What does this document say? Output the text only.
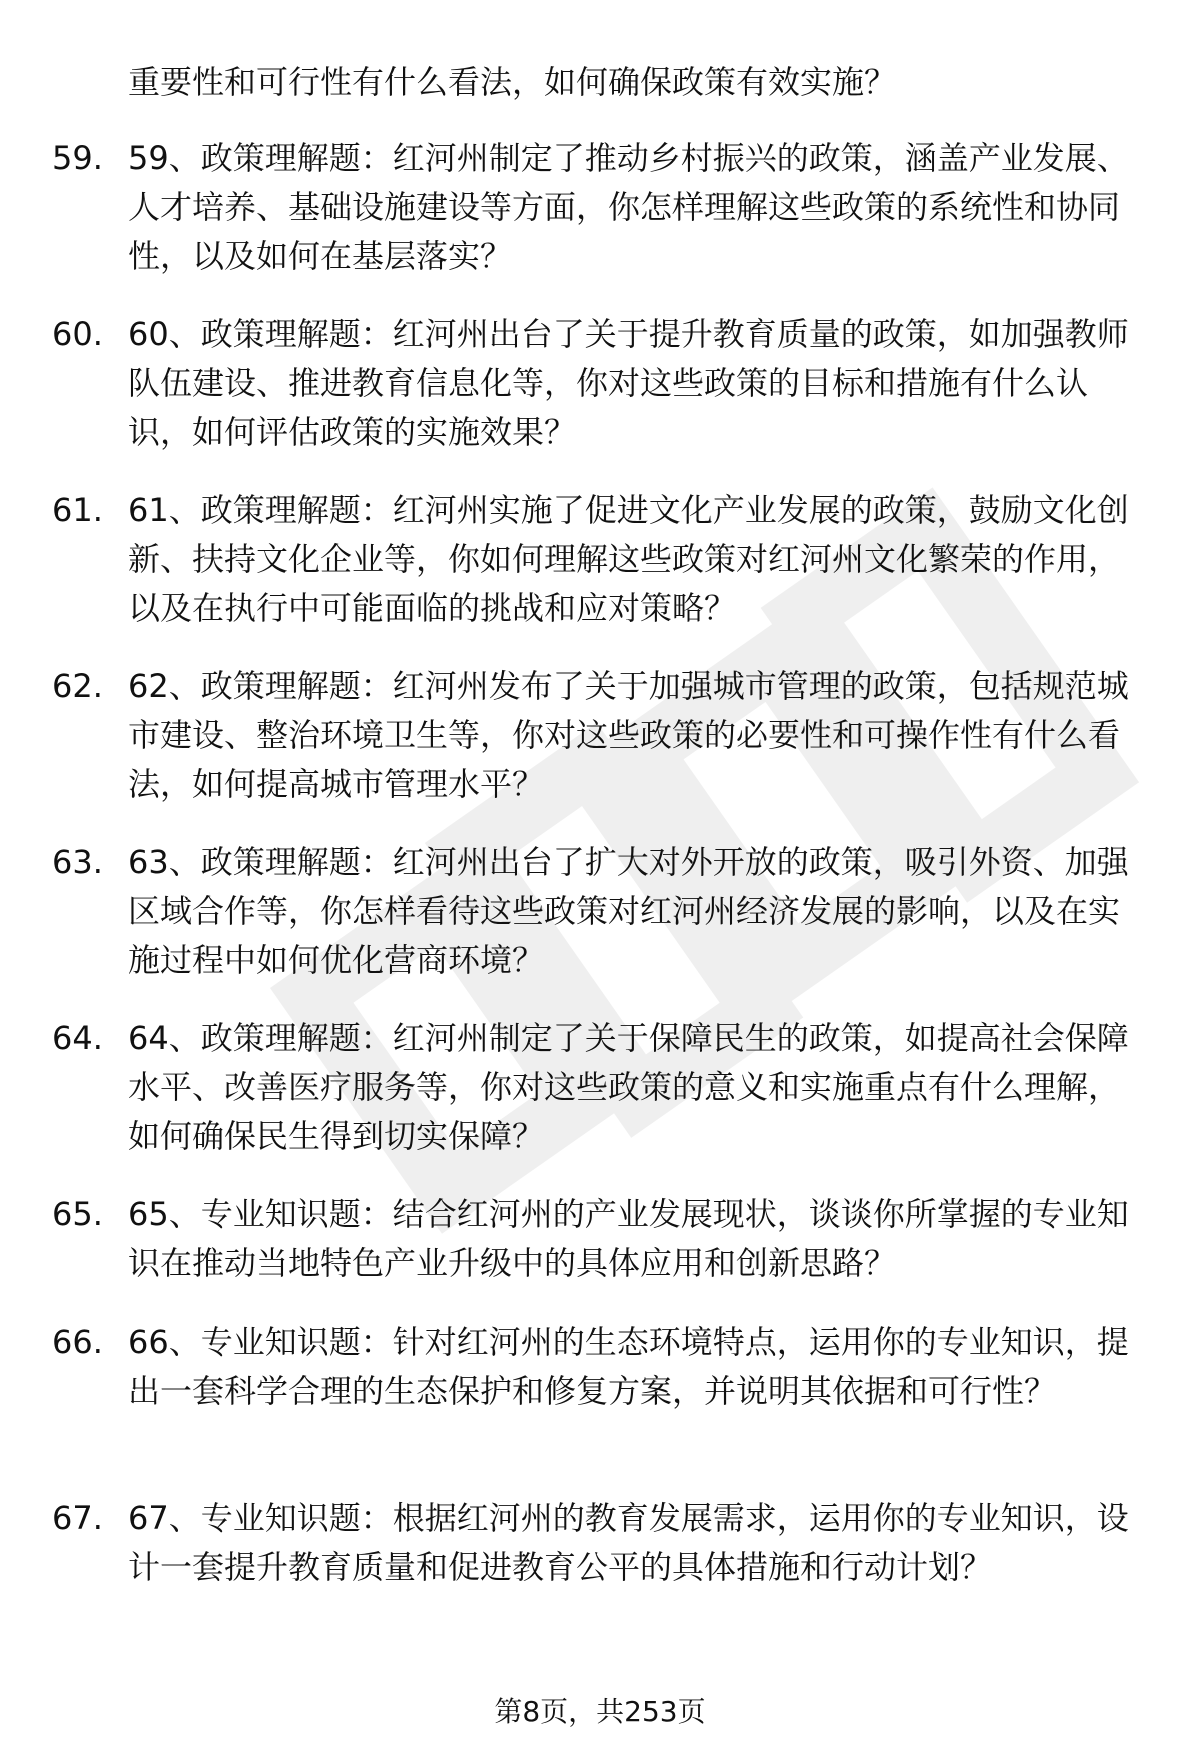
重要性和可行性有什么看法，如何确保政策有效实施？

59. 59、政策理解题：红河州制定了推动乡村振兴的政策，涵盖产业发展、人才培养、基础设施建设等方面，你怎样理解这些政策的系统性和协同性，以及如何在基层落实？

60. 60、政策理解题：红河州出台了关于提升教育质量的政策，如加强教师队伍建设、推进教育信息化等，你对这些政策的目标和措施有什么认识，如何评估政策的实施效果？

61. 61、政策理解题：红河州实施了促进文化产业发展的政策，鼓励文化创新、扶持文化企业等，你如何理解这些政策对红河州文化繁荣的作用，以及在执行中可能面临的挑战和应对策略？

62. 62、政策理解题：红河州发布了关于加强城市管理的政策，包括规范城市建设、整治环境卫生等，你对这些政策的必要性和可操作性有什么看法，如何提高城市管理水平？

63. 63、政策理解题：红河州出台了扩大对外开放的政策，吸引外资、加强区域合作等，你怎样看待这些政策对红河州经济发展的影响，以及在实施过程中如何优化营商环境？

64. 64、政策理解题：红河州制定了关于保障民生的政策，如提高社会保障水平、改善医疗服务等，你对这些政策的意义和实施重点有什么理解，如何确保民生得到切实保障？

65. 65、专业知识题：结合红河州的产业发展现状，谈谈你所掌握的专业知识在推动当地特色产业升级中的具体应用和创新思路？

66. 66、专业知识题：针对红河州的生态环境特点，运用你的专业知识，提出一套科学合理的生态保护和修复方案，并说明其依据和可行性？

67. 67、专业知识题：根据红河州的教育发展需求，运用你的专业知识，设计一套提升教育质量和促进教育公平的具体措施和行动计划？

第8页，共253页
